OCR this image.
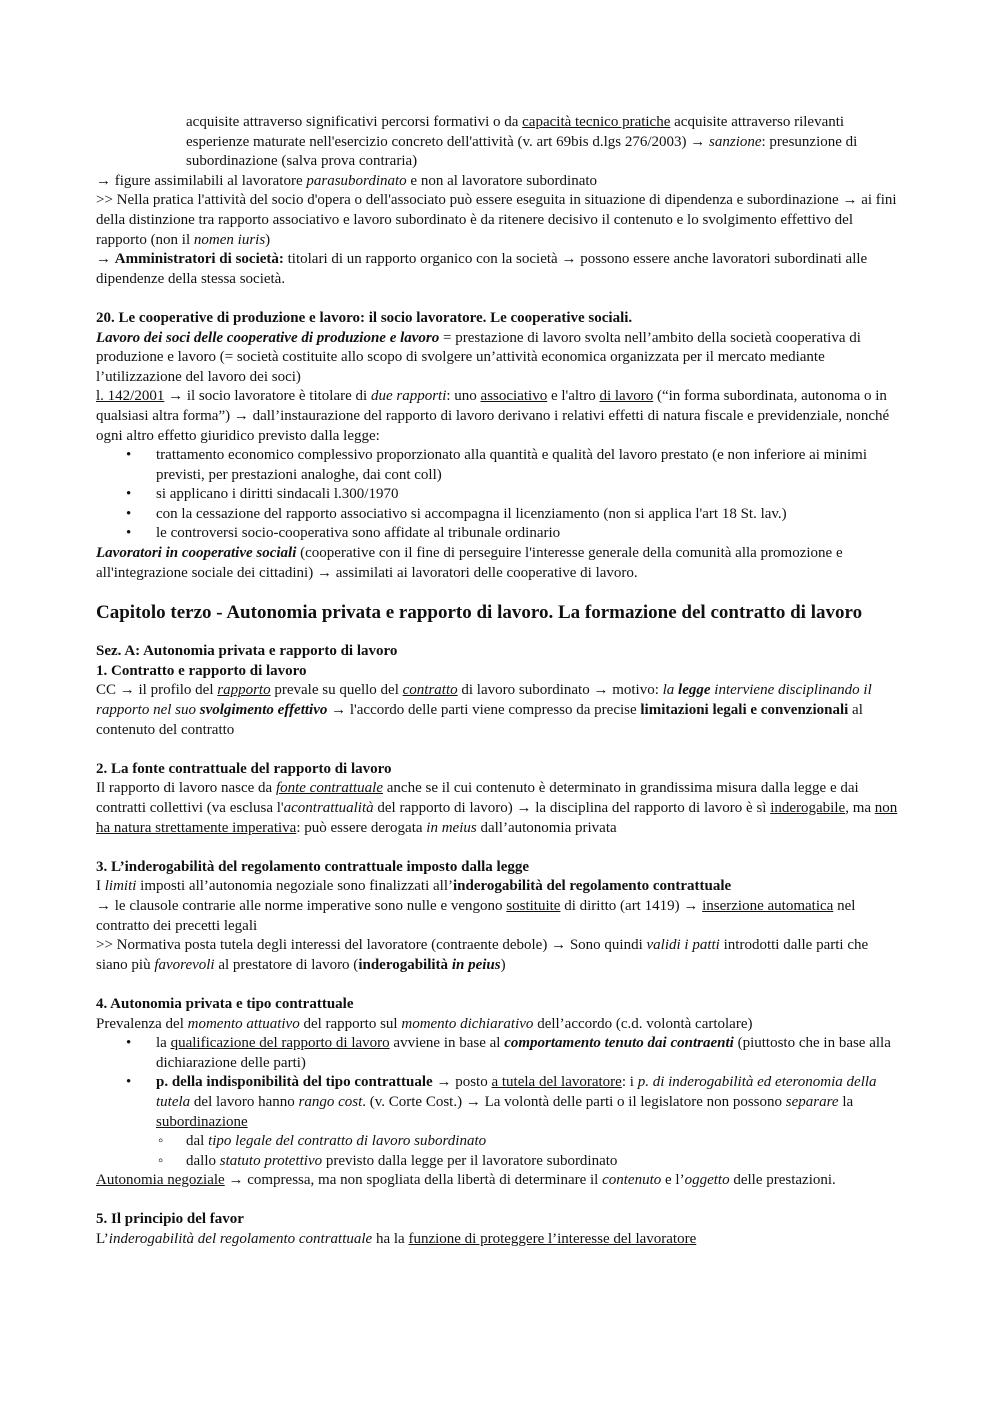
acquisite attraverso significativi percorsi formativi o da capacità tecnico pratiche acquisite attraverso rilevanti esperienze maturate nell'esercizio concreto dell'attività (v. art 69bis d.lgs 276/2003) → sanzione: presunzione di subordinazione (salva prova contraria)

→ figure assimilabili al lavoratore parasubordinato e non al lavoratore subordinato

>> Nella pratica l'attività del socio d'opera o dell'associato può essere eseguita in situazione di dipendenza e subordinazione → ai fini della distinzione tra rapporto associativo e lavoro subordinato è da ritenere decisivo il contenuto e lo svolgimento effettivo del rapporto (non il nomen iuris)

→ Amministratori di società: titolari di un rapporto organico con la società → possono essere anche lavoratori subordinati alle dipendenze della stessa società.

20. Le cooperative di produzione e lavoro: il socio lavoratore. Le cooperative sociali.

Lavoro dei soci delle cooperative di produzione e lavoro = prestazione di lavoro svolta nell’ambito della società cooperativa di produzione e lavoro (= società costituite allo scopo di svolgere un’attività economica organizzata per il mercato mediante l’utilizzazione del lavoro dei soci)

l. 142/2001 → il socio lavoratore è titolare di due rapporti: uno associativo e l'altro di lavoro (“in forma subordinata, autonoma o in qualsiasi altra forma”) → dall’instaurazione del rapporto di lavoro derivano i relativi effetti di natura fiscale e previdenziale, nonché ogni altro effetto giuridico previsto dalla legge:

• trattamento economico complessivo proporzionato alla quantità e qualità del lavoro prestato (e non inferiore ai minimi previsti, per prestazioni analoghe, dai cont coll)
• si applicano i diritti sindacali l.300/1970
• con la cessazione del rapporto associativo si accompagna il licenziamento (non si applica l'art 18 St. lav.)
• le controversi socio-cooperativa sono affidate al tribunale ordinario

Lavoratori in cooperative sociali (cooperative con il fine di perseguire l'interesse generale della comunità alla promozione e all'integrazione sociale dei cittadini) → assimilati ai lavoratori delle cooperative di lavoro.

Capitolo terzo - Autonomia privata e rapporto di lavoro. La formazione del contratto di lavoro

Sez. A: Autonomia privata e rapporto di lavoro

1. Contratto e rapporto di lavoro

CC → il profilo del rapporto prevale su quello del contratto di lavoro subordinato → motivo: la legge interviene disciplinando il rapporto nel suo svolgimento effettivo → l'accordo delle parti viene compresso da precise limitazioni legali e convenzionali al contenuto del contratto

2. La fonte contrattuale del rapporto di lavoro

Il rapporto di lavoro nasce da fonte contrattuale anche se il cui contenuto è determinato in grandissima misura dalla legge e dai contratti collettivi (va esclusa l'acontrattualità del rapporto di lavoro) → la disciplina del rapporto di lavoro è sì inderogabile, ma non ha natura strettamente imperativa: può essere derogata in meius dall’autonomia privata

3. L’inderogabilità del regolamento contrattuale imposto dalla legge

I limiti imposti all’autonomia negoziale sono finalizzati all’inderogabilità del regolamento contrattuale

→ le clausole contrarie alle norme imperative sono nulle e vengono sostituite di diritto (art 1419) → inserzione automatica nel contratto dei precetti legali

>> Normativa posta tutela degli interessi del lavoratore (contraente debole) → Sono quindi validi i patti introdotti dalle parti che siano più favorevoli al prestatore di lavoro (inderogabilità in peius)

4. Autonomia privata e tipo contrattuale

Prevalenza del momento attuativo del rapporto sul momento dichiarativo dell’accordo (c.d. volontà cartolare)

• la qualificazione del rapporto di lavoro avviene in base al comportamento tenuto dai contraenti (piuttosto che in base alla dichiarazione delle parti)
• p. della indisponibilità del tipo contrattuale → posto a tutela del lavoratore: i p. di inderogabilità ed eteronomia della tutela del lavoro hanno rango cost. (v. Corte Cost.) → La volontà delle parti o il legislatore non possono separare la subordinazione
◦ dal tipo legale del contratto di lavoro subordinato
◦ dallo statuto protettivo previsto dalla legge per il lavoratore subordinato

Autonomia negoziale → compressa, ma non spogliata della libertà di determinare il contenuto e l’oggetto delle prestazioni.

5. Il principio del favor

L’inderogabilità del regolamento contrattuale ha la funzione di proteggere l’interesse del lavoratore
